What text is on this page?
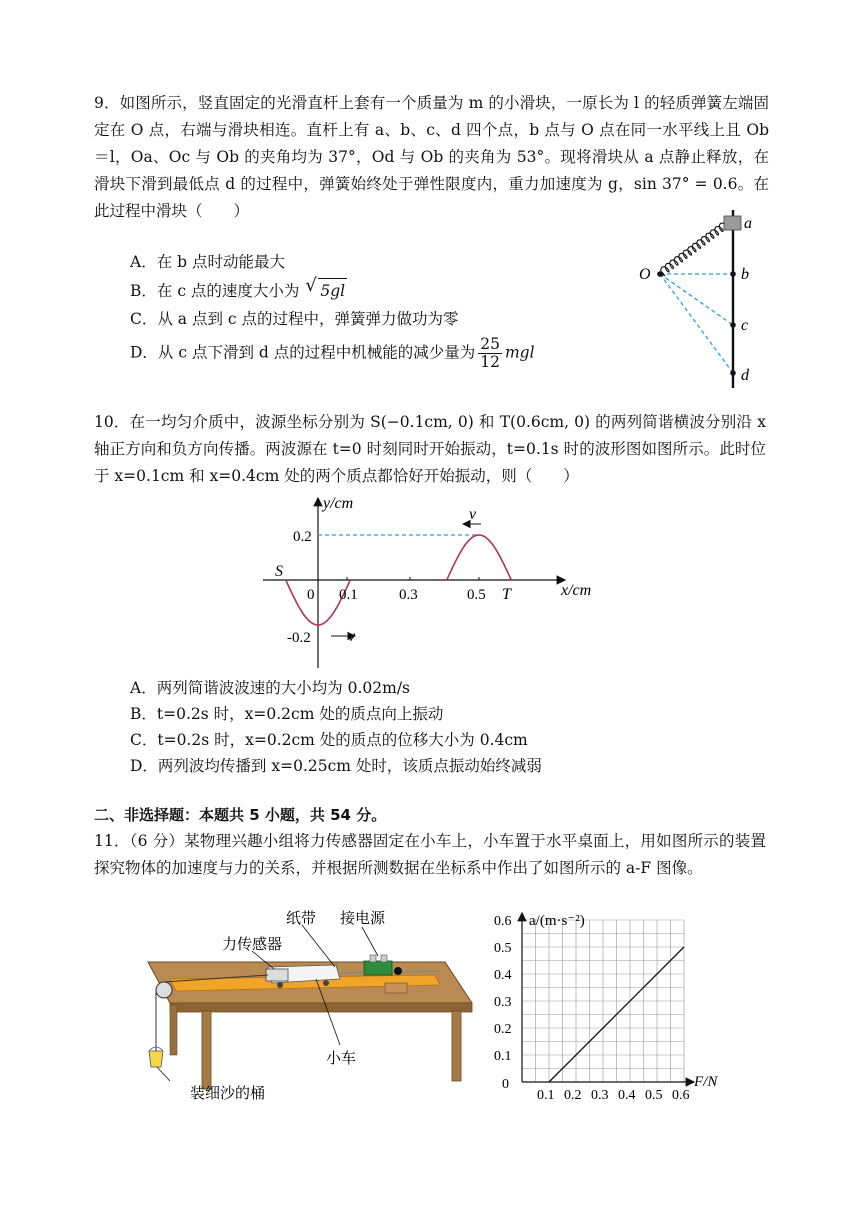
9．如图所示，竖直固定的光滑直杆上套有一个质量为 m 的小滑块，一原长为 l 的轻质弹簧左端固定在 O 点，右端与滑块相连。直杆上有 a、b、c、d 四个点，b 点与 O 点在同一水平线上且 Ob＝l，Oa、Oc 与 Ob 的夹角均为 37°，Od 与 Ob 的夹角为 53°。现将滑块从 a 点静止释放，在滑块下滑到最低点 d 的过程中，弹簧始终处于弹性限度内，重力加速度为 g，sin 37° = 0.6。在此过程中滑块（　　）
A．在 b 点时动能最大
B．在 c 点的速度大小为 √ 5gl
C．从 a 点到 c 点的过程中，弹簧弹力做功为零
D．从 c 点下滑到 d 点的过程中机械能的减少量为 $\frac{25}{12}$ mgl
O
a
b
c
d
10．在一均匀介质中，波源坐标分别为 S(−0.1cm, 0) 和 T(0.6cm, 0) 的两列简谐横波分别沿 x 轴正方向和负方向传播。两波源在 t=0 时刻同时开始振动，t=0.1s 时的波形图如图所示。此时位于 x=0.1cm 和 x=0.4cm 处的两个质点都恰好开始振动，则（　　）
y/cm
x/cm
0.2
-0.2
0 0.1	0.3	0.5
S
T
v
v
A．两列简谐波波速的大小均为 0.02m/s
B．t=0.2s 时，x=0.2cm 处的质点向上振动
C．t=0.2s 时，x=0.2cm 处的质点的位移大小为 0.4cm
D．两列波均传播到 x=0.25cm 处时，该质点振动始终减弱
二、非选择题：本题共 5 小题，共 54 分。
11．（6 分）某物理兴趣小组将力传感器固定在小车上，小车置于水平桌面上，用如图所示的装置探究物体的加速度与力的关系，并根据所测数据在坐标系中作出了如图所示的 a-F 图像。
纸带 接电源
力传感器
小车
装细沙的桶
a/(m·s⁻²)
F/N
0.6
0.5
0.4
0.3
0.2
0.1
0
0.1 0.2 0.3 0.4 0.5 0.6
